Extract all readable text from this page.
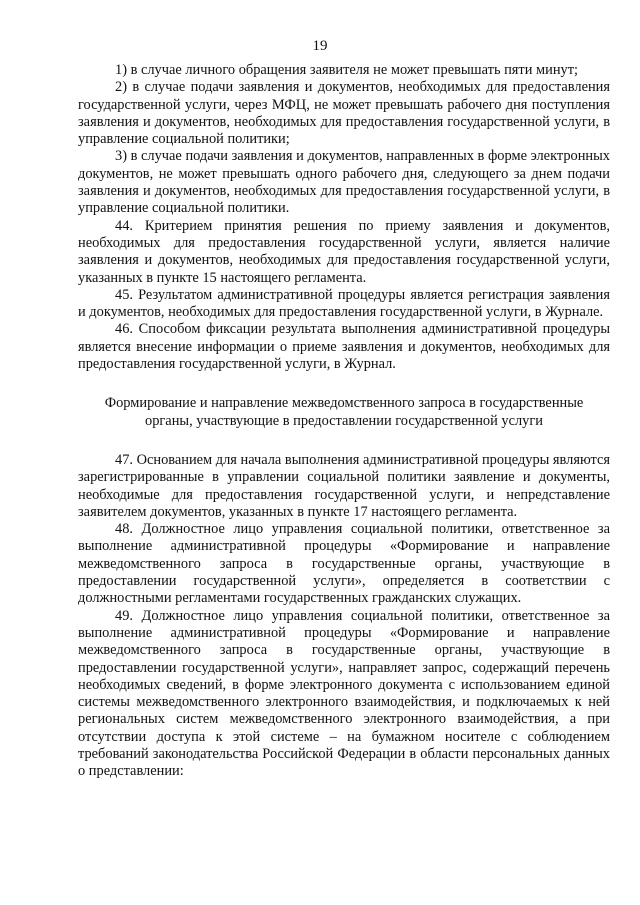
19

1) в случае личного обращения заявителя не может превышать пяти минут;

2) в случае подачи заявления и документов, необходимых для предоставления государственной услуги, через МФЦ, не может превышать рабочего дня поступления заявления и документов, необходимых для предоставления государственной услуги, в управление социальной политики;

3) в случае подачи заявления и документов, направленных в форме электронных документов, не может превышать одного рабочего дня, следующего за днем подачи заявления и документов, необходимых для предоставления государственной услуги, в управление социальной политики.

44. Критерием принятия решения по приему заявления и документов, необходимых для предоставления государственной услуги, является наличие заявления и документов, необходимых для предоставления государственной услуги, указанных в пункте 15 настоящего регламента.

45. Результатом административной процедуры является регистрация заявления и документов, необходимых для предоставления государственной услуги, в Журнале.

46. Способом фиксации результата выполнения административной процедуры является внесение информации о приеме заявления и документов, необходимых для предоставления государственной услуги, в Журнал.

Формирование и направление межведомственного запроса в государственные органы, участвующие в предоставлении государственной услуги

47. Основанием для начала выполнения административной процедуры являются зарегистрированные в управлении социальной политики заявление и документы, необходимые для предоставления государственной услуги, и непредставление заявителем документов, указанных в пункте 17 настоящего регламента.

48. Должностное лицо управления социальной политики, ответственное за выполнение административной процедуры «Формирование и направление межведомственного запроса в государственные органы, участвующие в предоставлении государственной услуги», определяется в соответствии с должностными регламентами государственных гражданских служащих.

49. Должностное лицо управления социальной политики, ответственное за выполнение административной процедуры «Формирование и направление межведомственного запроса в государственные органы, участвующие в предоставлении государственной услуги», направляет запрос, содержащий перечень необходимых сведений, в форме электронного документа с использованием единой системы межведомственного электронного взаимодействия, и подключаемых к ней региональных систем межведомственного электронного взаимодействия, а при отсутствии доступа к этой системе – на бумажном носителе с соблюдением требований законодательства Российской Федерации в области персональных данных о представлении:
